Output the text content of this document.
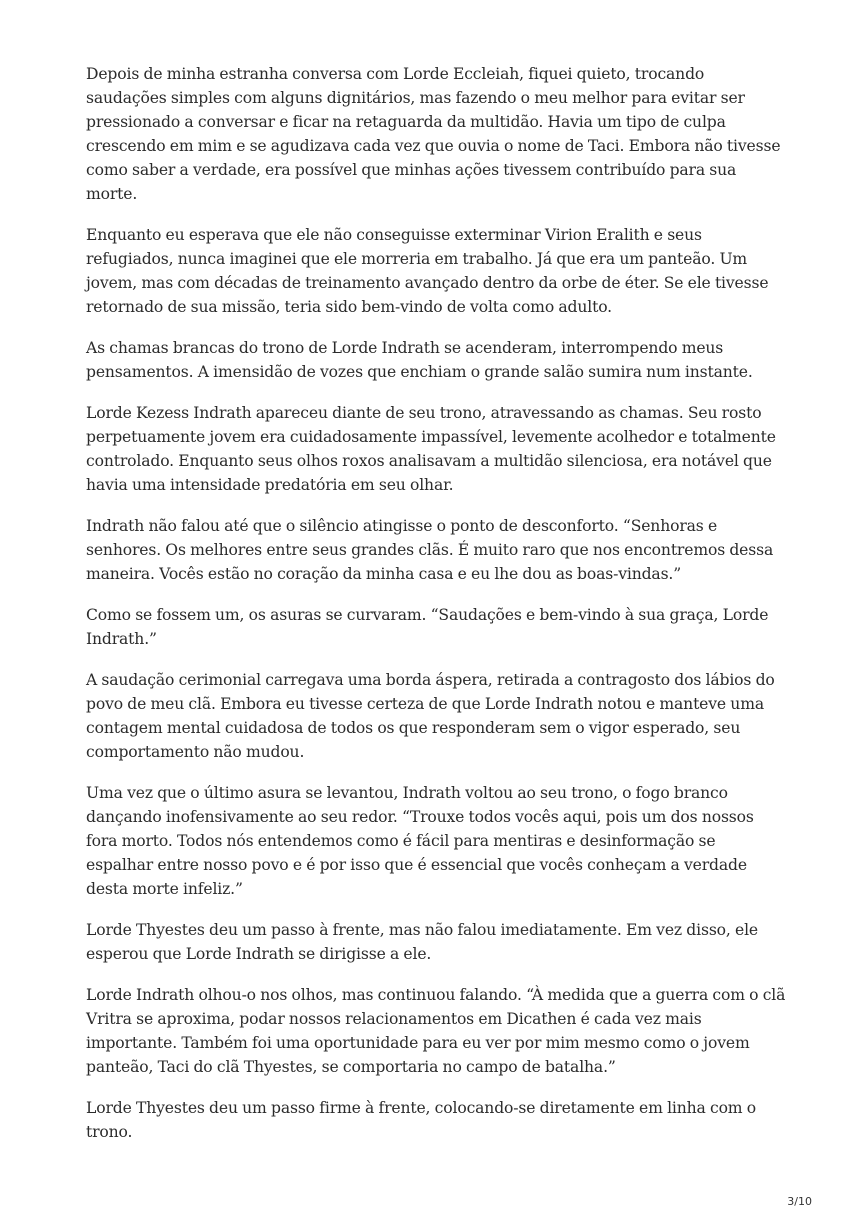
Depois de minha estranha conversa com Lorde Eccleiah, fiquei quieto, trocando saudações simples com alguns dignitários, mas fazendo o meu melhor para evitar ser pressionado a conversar e ficar na retaguarda da multidão. Havia um tipo de culpa crescendo em mim e se agudizava cada vez que ouvia o nome de Taci. Embora não tivesse como saber a verdade, era possível que minhas ações tivessem contribuído para sua morte.

Enquanto eu esperava que ele não conseguisse exterminar Virion Eralith e seus refugiados, nunca imaginei que ele morreria em trabalho. Já que era um panteão. Um jovem, mas com décadas de treinamento avançado dentro da orbe de éter. Se ele tivesse retornado de sua missão, teria sido bem-vindo de volta como adulto.

As chamas brancas do trono de Lorde Indrath se acenderam, interrompendo meus pensamentos. A imensidão de vozes que enchiam o grande salão sumira num instante.

Lorde Kezess Indrath apareceu diante de seu trono, atravessando as chamas. Seu rosto perpetuamente jovem era cuidadosamente impassível, levemente acolhedor e totalmente controlado. Enquanto seus olhos roxos analisavam a multidão silenciosa, era notável que havia uma intensidade predatória em seu olhar.

Indrath não falou até que o silêncio atingisse o ponto de desconforto. “Senhoras e senhores. Os melhores entre seus grandes clãs. É muito raro que nos encontremos dessa maneira. Vocês estão no coração da minha casa e eu lhe dou as boas-vindas.”

Como se fossem um, os asuras se curvaram. “Saudações e bem-vindo à sua graça, Lorde Indrath.”

A saudação cerimonial carregava uma borda áspera, retirada a contragosto dos lábios do povo de meu clã. Embora eu tivesse certeza de que Lorde Indrath notou e manteve uma contagem mental cuidadosa de todos os que responderam sem o vigor esperado, seu comportamento não mudou.

Uma vez que o último asura se levantou, Indrath voltou ao seu trono, o fogo branco dançando inofensivamente ao seu redor. “Trouxe todos vocês aqui, pois um dos nossos fora morto. Todos nós entendemos como é fácil para mentiras e desinformação se espalhar entre nosso povo e é por isso que é essencial que vocês conheçam a verdade desta morte infeliz.”

Lorde Thyestes deu um passo à frente, mas não falou imediatamente. Em vez disso, ele esperou que Lorde Indrath se dirigisse a ele.

Lorde Indrath olhou-o nos olhos, mas continuou falando. “À medida que a guerra com o clã Vritra se aproxima, podar nossos relacionamentos em Dicathen é cada vez mais importante. Também foi uma oportunidade para eu ver por mim mesmo como o jovem panteão, Taci do clã Thyestes, se comportaria no campo de batalha.”

Lorde Thyestes deu um passo firme à frente, colocando-se diretamente em linha com o trono.

3/10
